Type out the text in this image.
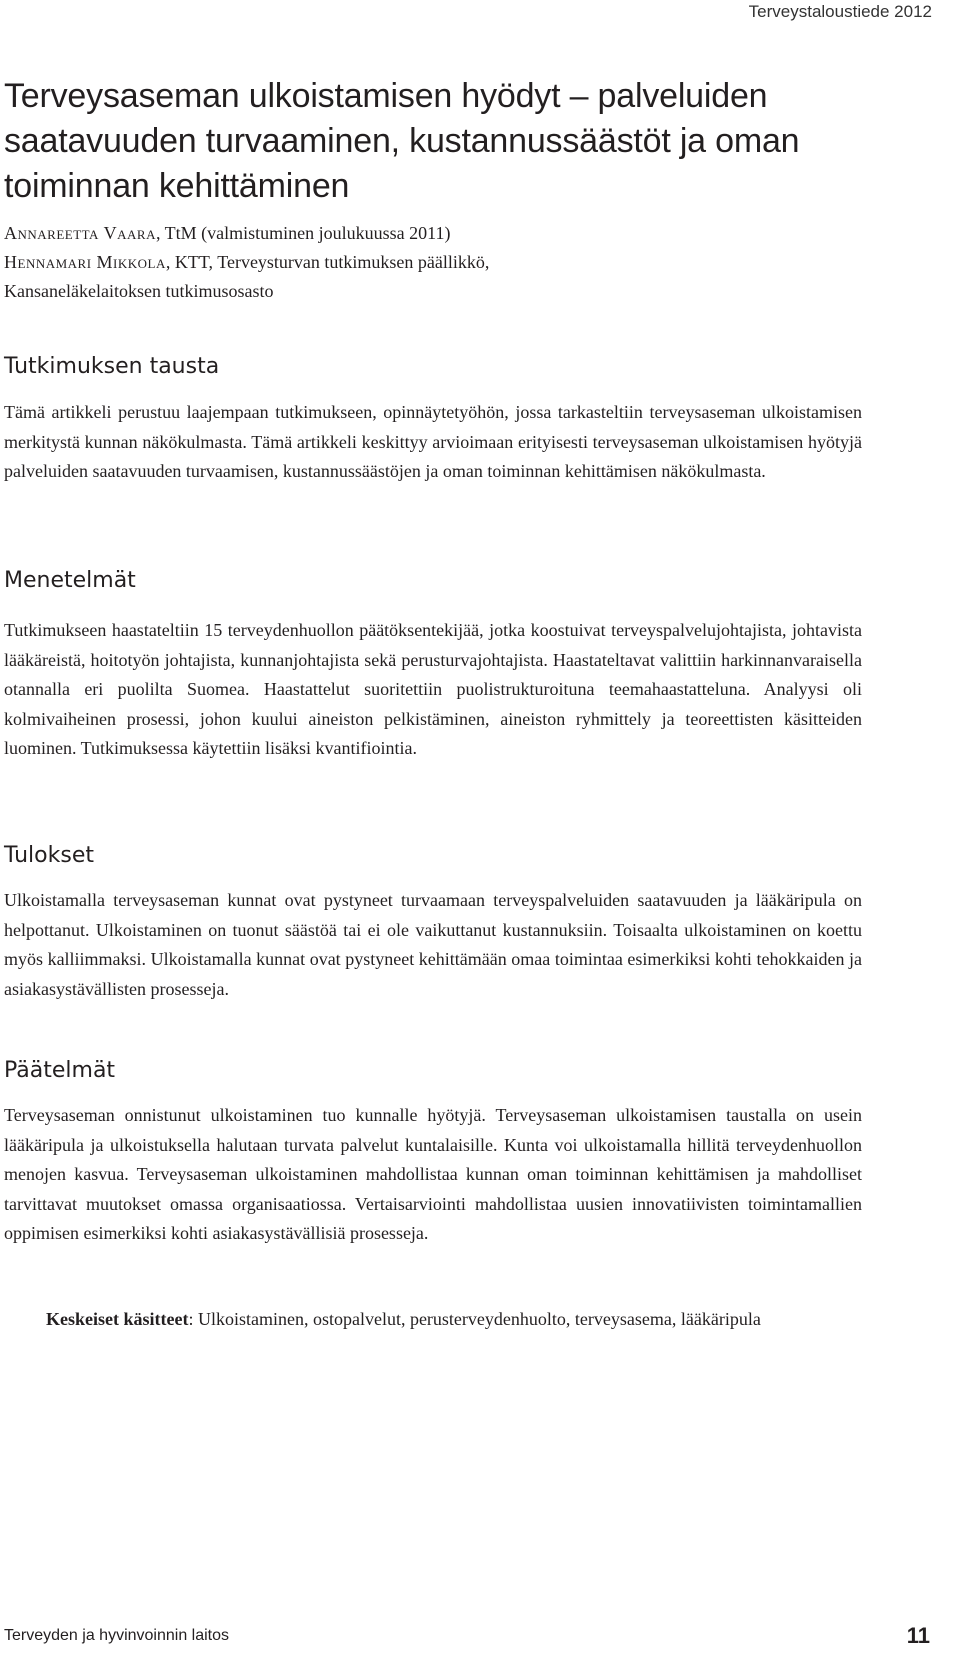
Terveystaloustiede 2012
Terveysaseman ulkoistamisen hyödyt – palveluiden saatavuuden turvaaminen, kustannussäästöt ja oman toiminnan kehittäminen
Annareetta Vaara, TtM (valmistuminen joulukuussa 2011)
Hennamari Mikkola, KTT, Terveysturvan tutkimuksen päällikkö,
Kansaneläkelaitoksen tutkimusosasto
Tutkimuksen tausta

Tämä artikkeli perustuu laajempaan tutkimukseen, opinnäytetyöhön, jossa tarkasteltiin terveysaseman ulkoistamisen merkitystä kunnan näkökulmasta. Tämä artikkeli keskittyy arvioimaan erityisesti terveysaseman ulkoistamisen hyötyjä palveluiden saatavuuden turvaamisen, kustannussäästöjen ja oman toiminnan kehittämisen näkökulmasta.

Menetelmät

Tutkimukseen haastateltiin 15 terveydenhuollon päätöksentekijää, jotka koostuivat terveyspalvelujohtajista, johtavista lääkäreistä, hoitotyön johtajista, kunnanjohtajista sekä perusturvajohtajista. Haastateltavat valittiin harkinnanvaraisella otannalla eri puolilta Suomea. Haastattelut suoritettiin puolistrukturoituna teemahaastatteluna. Analyysi oli kolmivaiheinen prosessi, johon kuului aineiston pelkistäminen, aineiston ryhmittely ja teoreettisten käsitteiden luominen. Tutkimuksessa käytettiin lisäksi kvantifiointia.

Tulokset

Ulkoistamalla terveysaseman kunnat ovat pystyneet turvaamaan terveyspalveluiden saatavuuden ja lääkäripula on helpottanut. Ulkoistaminen on tuonut säästöä tai ei ole vaikuttanut kustannuksiin. Toisaalta ulkoistaminen on koettu myös kalliimmaksi. Ulkoistamalla kunnat ovat pystyneet kehittämään omaa toimintaa esimerkiksi kohti tehokkaiden ja asiakasystävällisten prosesseja.

Päätelmät

Terveysaseman onnistunut ulkoistaminen tuo kunnalle hyötyjä. Terveysaseman ulkoistamisen taustalla on usein lääkäripula ja ulkoistuksella halutaan turvata palvelut kuntalaisille. Kunta voi ulkoistamalla hillitä terveydenhuollon menojen kasvua. Terveysaseman ulkoistaminen mahdollistaa kunnan oman toiminnan kehittämisen ja mahdolliset tarvittavat muutokset omassa organisaatiossa. Vertaisarviointi mahdollistaa uusien innovatiivisten toimintamallien oppimisen esimerkiksi kohti asiakasystävällisiä prosesseja.

Keskeiset käsitteet: Ulkoistaminen, ostopalvelut, perusterveydenhuolto, terveysasema, lääkäripula

Terveyden ja hyvinvoinnin laitos	11
